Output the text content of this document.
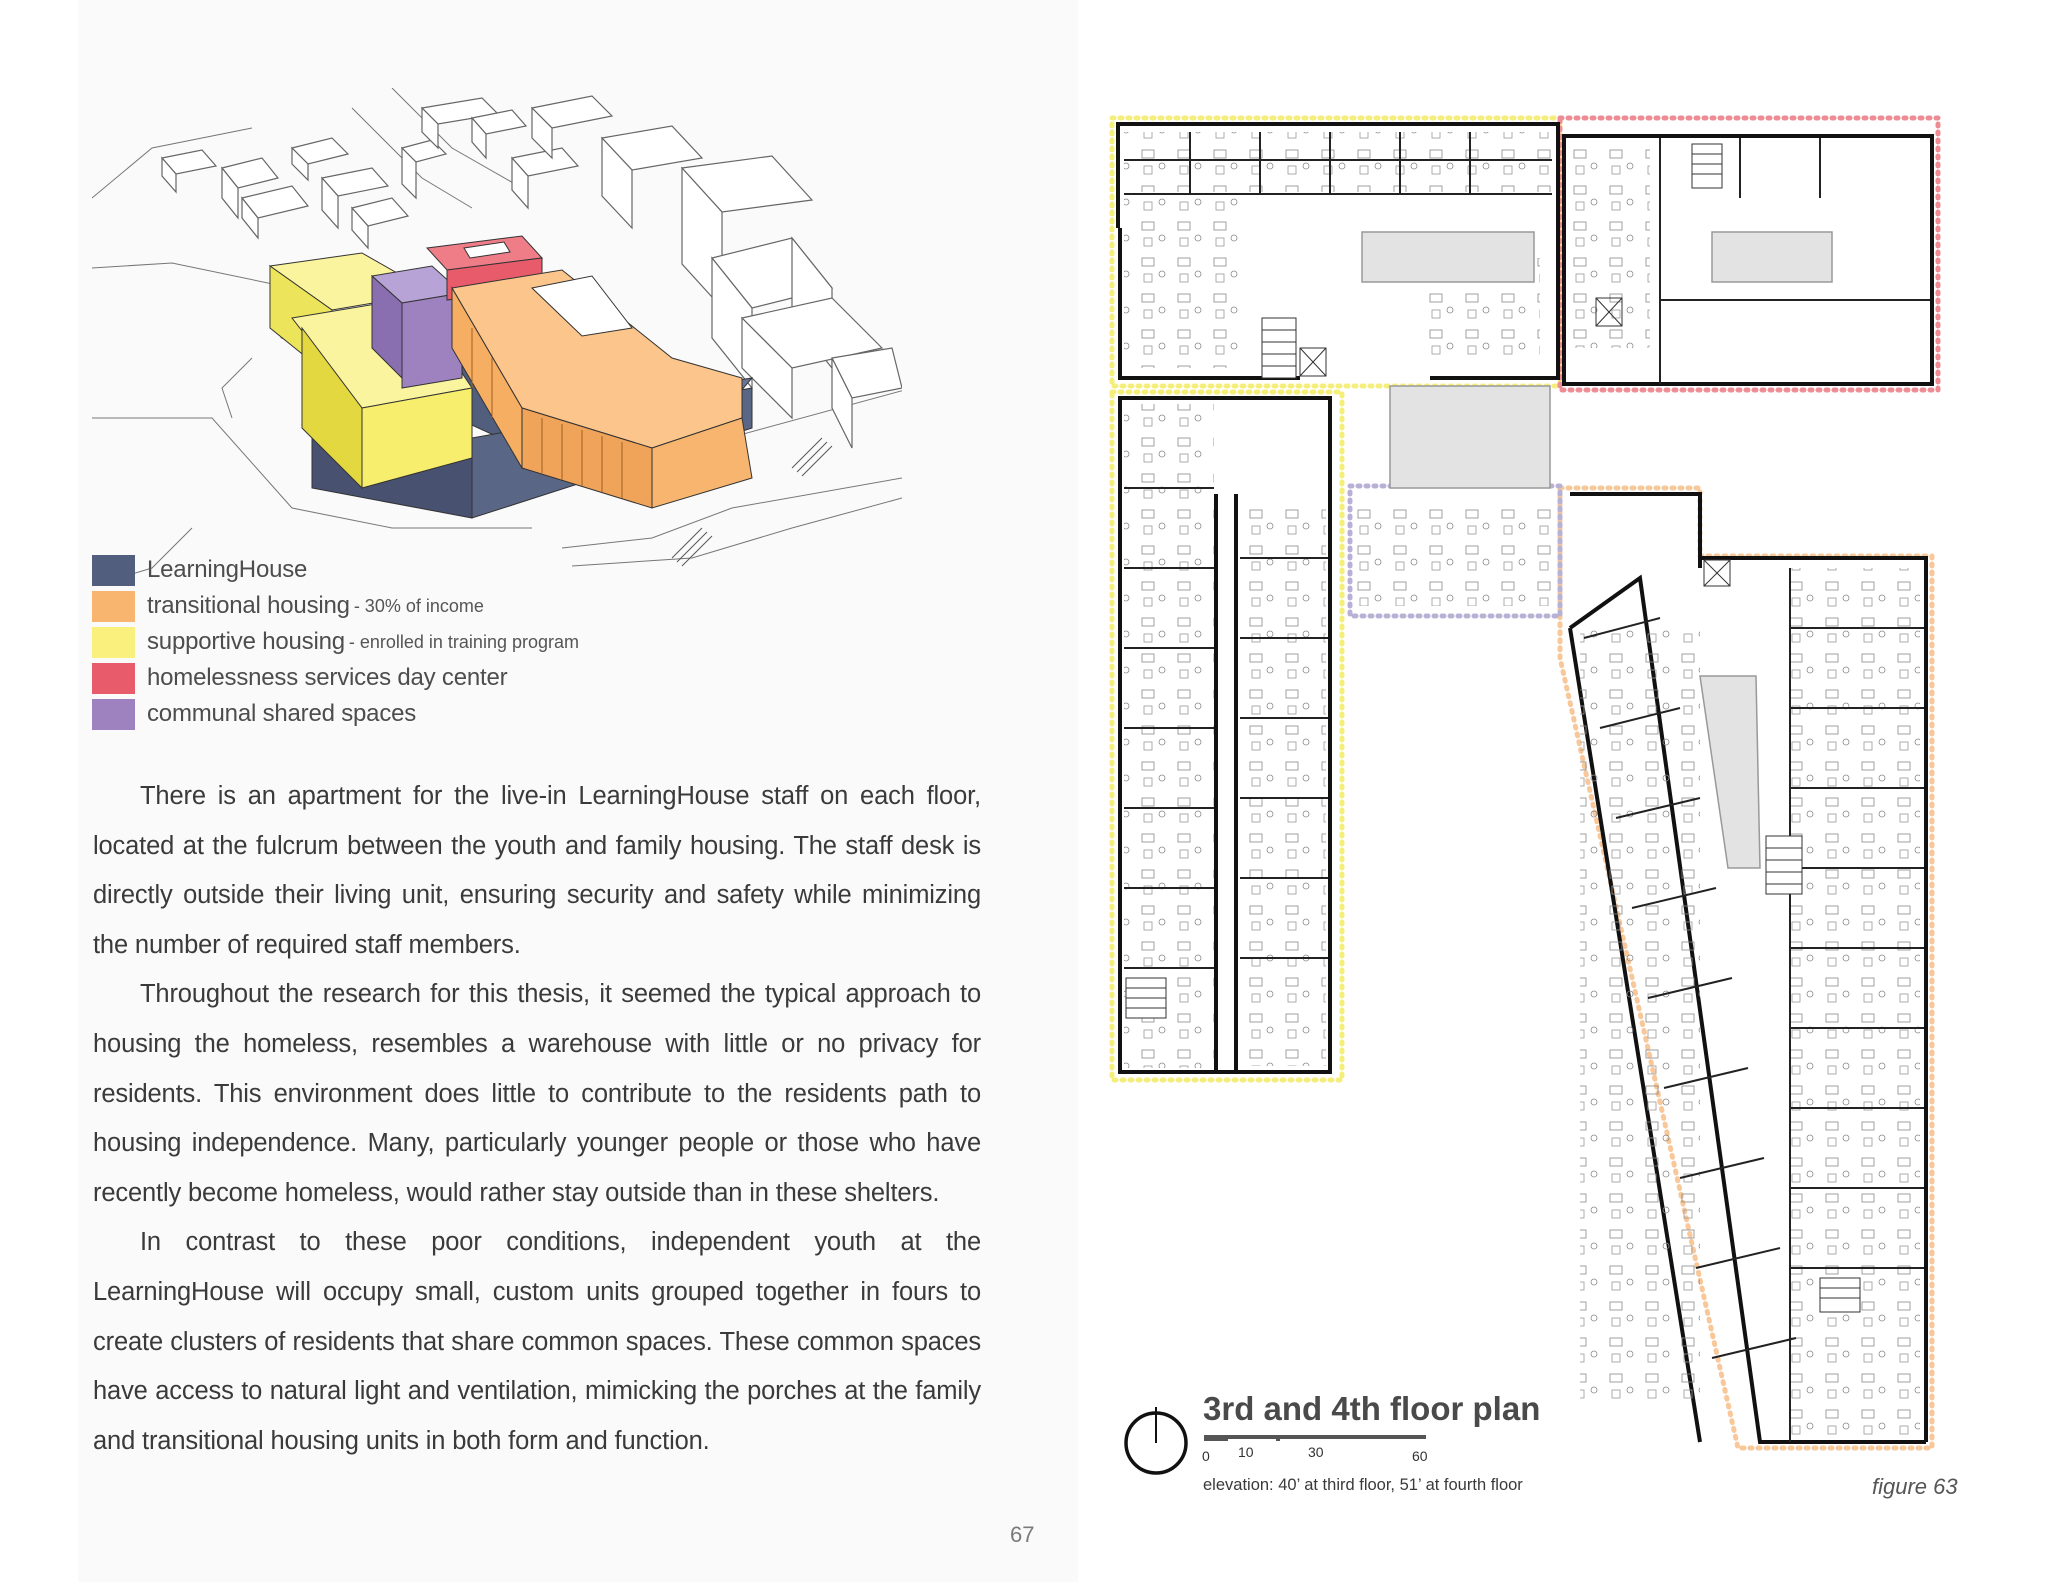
LearningHouse
transitional housing - 30% of income
supportive housing - enrolled in training program
homelessness services day center
communal shared spaces

There is an apartment for the live-in LearningHouse staff on each floor, located at the fulcrum between the youth and family housing. The staff desk is directly outside their living unit, ensuring security and safety while minimizing the number of required staff members.

Throughout the research for this thesis, it seemed the typical approach to housing the homeless, resembles a warehouse with little or no privacy for residents. This environment does little to contribute to the residents path to housing independence. Many, particularly younger people or those who have recently become homeless, would rather stay outside than in these shelters.

In contrast to these poor conditions, independent youth at the LearningHouse will occupy small, custom units grouped together in fours to create clusters of residents that share common spaces. These common spaces have access to natural light and ventilation, mimicking the porches at the family and transitional housing units in both form and function.

67
3rd and 4th floor plan
0 10	30	60
elevation: 40’ at third floor, 51’ at fourth floor	figure 63
